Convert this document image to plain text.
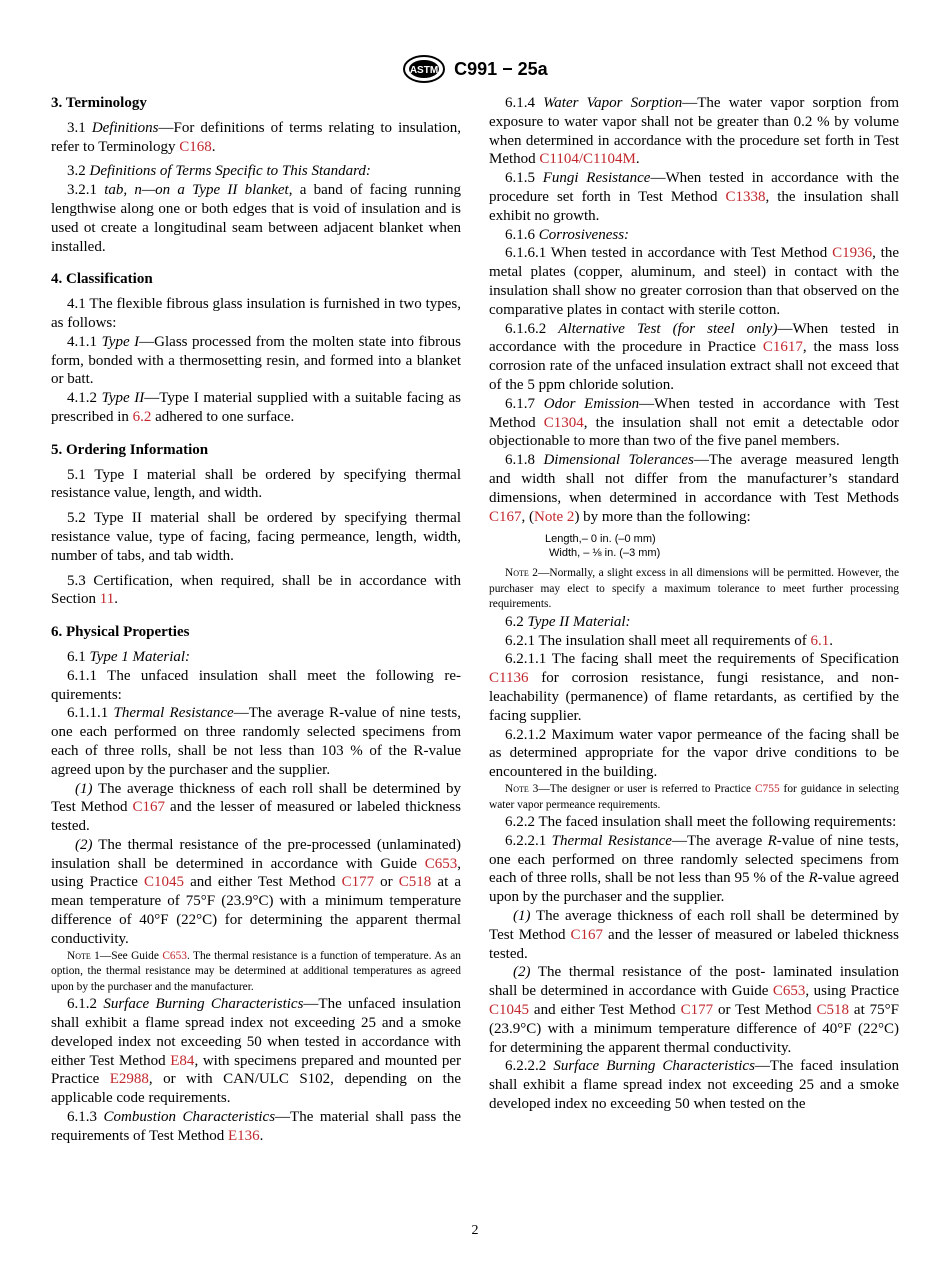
ASTM C991 − 25a
3. Terminology

3.1 Definitions—For definitions of terms relating to insulation, refer to Terminology C168.

3.2 Definitions of Terms Specific to This Standard:

3.2.1 tab, n—on a Type II blanket, a band of facing running lengthwise along one or both edges that is void of insulation and is used ot create a longitudinal seam between adjacent blanket when installed.

4. Classification

4.1 The flexible fibrous glass insulation is furnished in two types, as follows:

4.1.1 Type I—Glass processed from the molten state into fibrous form, bonded with a thermosetting resin, and formed into a blanket or batt.

4.1.2 Type II—Type I material supplied with a suitable facing as prescribed in 6.2 adhered to one surface.

5. Ordering Information

5.1 Type I material shall be ordered by specifying thermal resistance value, length, and width.

5.2 Type II material shall be ordered by specifying thermal resistance value, type of facing, facing permeance, length, width, number of tabs, and tab width.

5.3 Certification, when required, shall be in accordance with Section 11.

6. Physical Properties

6.1 Type 1 Material:

6.1.1 The unfaced insulation shall meet the following requirements:

6.1.1.1 Thermal Resistance—The average R-value of nine tests, one each performed on three randomly selected specimens from each of three rolls, shall be not less than 103 % of the R-value agreed upon by the purchaser and the supplier.

(1) The average thickness of each roll shall be determined by Test Method C167 and the lesser of measured or labeled thickness tested.

(2) The thermal resistance of the pre-processed (unlaminated) insulation shall be determined in accordance with Guide C653, using Practice C1045 and either Test Method C177 or C518 at a mean temperature of 75°F (23.9°C) with a minimum temperature difference of 40°F (22°C) for determining the apparent thermal conductivity.

Note 1—See Guide C653. The thermal resistance is a function of temperature. As an option, the thermal resistance may be determined at additional temperatures as agreed upon by the purchaser and the manufacturer.

6.1.2 Surface Burning Characteristics—The unfaced insulation shall exhibit a flame spread index not exceeding 25 and a smoke developed index not exceeding 50 when tested in accordance with either Test Method E84, with specimens prepared and mounted per Practice E2988, or with CAN/ULC S102, depending on the applicable code requirements.

6.1.3 Combustion Characteristics—The material shall pass the requirements of Test Method E136.

6.1.4 Water Vapor Sorption—The water vapor sorption from exposure to water vapor shall not be greater than 0.2 % by volume when determined in accordance with the procedure set forth in Test Method C1104/C1104M.

6.1.5 Fungi Resistance—When tested in accordance with the procedure set forth in Test Method C1338, the insulation shall exhibit no growth.

6.1.6 Corrosiveness:

6.1.6.1 When tested in accordance with Test Method C1936, the metal plates (copper, aluminum, and steel) in contact with the insulation shall show no greater corrosion than that observed on the comparative plates in contact with sterile cotton.

6.1.6.2 Alternative Test (for steel only)—When tested in accordance with the procedure in Practice C1617, the mass loss corrosion rate of the unfaced insulation extract shall not exceed that of the 5 ppm chloride solution.

6.1.7 Odor Emission—When tested in accordance with Test Method C1304, the insulation shall not emit a detectable odor objectionable to more than two of the five panel members.

6.1.8 Dimensional Tolerances—The average measured length and width shall not differ from the manufacturer’s standard dimensions, when determined in accordance with Test Methods C167, (Note 2) by more than the following:

Length,– 0 in. (–0 mm)
Width, – ⅛ in. (–3 mm)

Note 2—Normally, a slight excess in all dimensions will be permitted. However, the purchaser may elect to specify a maximum tolerance to meet further processing requirements.

6.2 Type II Material:

6.2.1 The insulation shall meet all requirements of 6.1.

6.2.1.1 The facing shall meet the requirements of Specification C1136 for corrosion resistance, fungi resistance, and non-leachability (permanence) of flame retardants, as certified by the facing supplier.

6.2.1.2 Maximum water vapor permeance of the facing shall be as determined appropriate for the vapor drive conditions to be encountered in the building.

Note 3—The designer or user is referred to Practice C755 for guidance in selecting water vapor permeance requirements.

6.2.2 The faced insulation shall meet the following requirements:

6.2.2.1 Thermal Resistance—The average R-value of nine tests, one each performed on three randomly selected specimens from each of three rolls, shall be not less than 95 % of the R-value agreed upon by the purchaser and the supplier.

(1) The average thickness of each roll shall be determined by Test Method C167 and the lesser of measured or labeled thickness tested.

(2) The thermal resistance of the post- laminated insulation shall be determined in accordance with Guide C653, using Practice C1045 and either Test Method C177 or Test Method C518 at 75°F (23.9°C) with a minimum temperature difference of 40°F (22°C) for determining the apparent thermal conductivity.

6.2.2.2 Surface Burning Characteristics—The faced insulation shall exhibit a flame spread index not exceeding 25 and a smoke developed index no exceeding 50 when tested on the

2
